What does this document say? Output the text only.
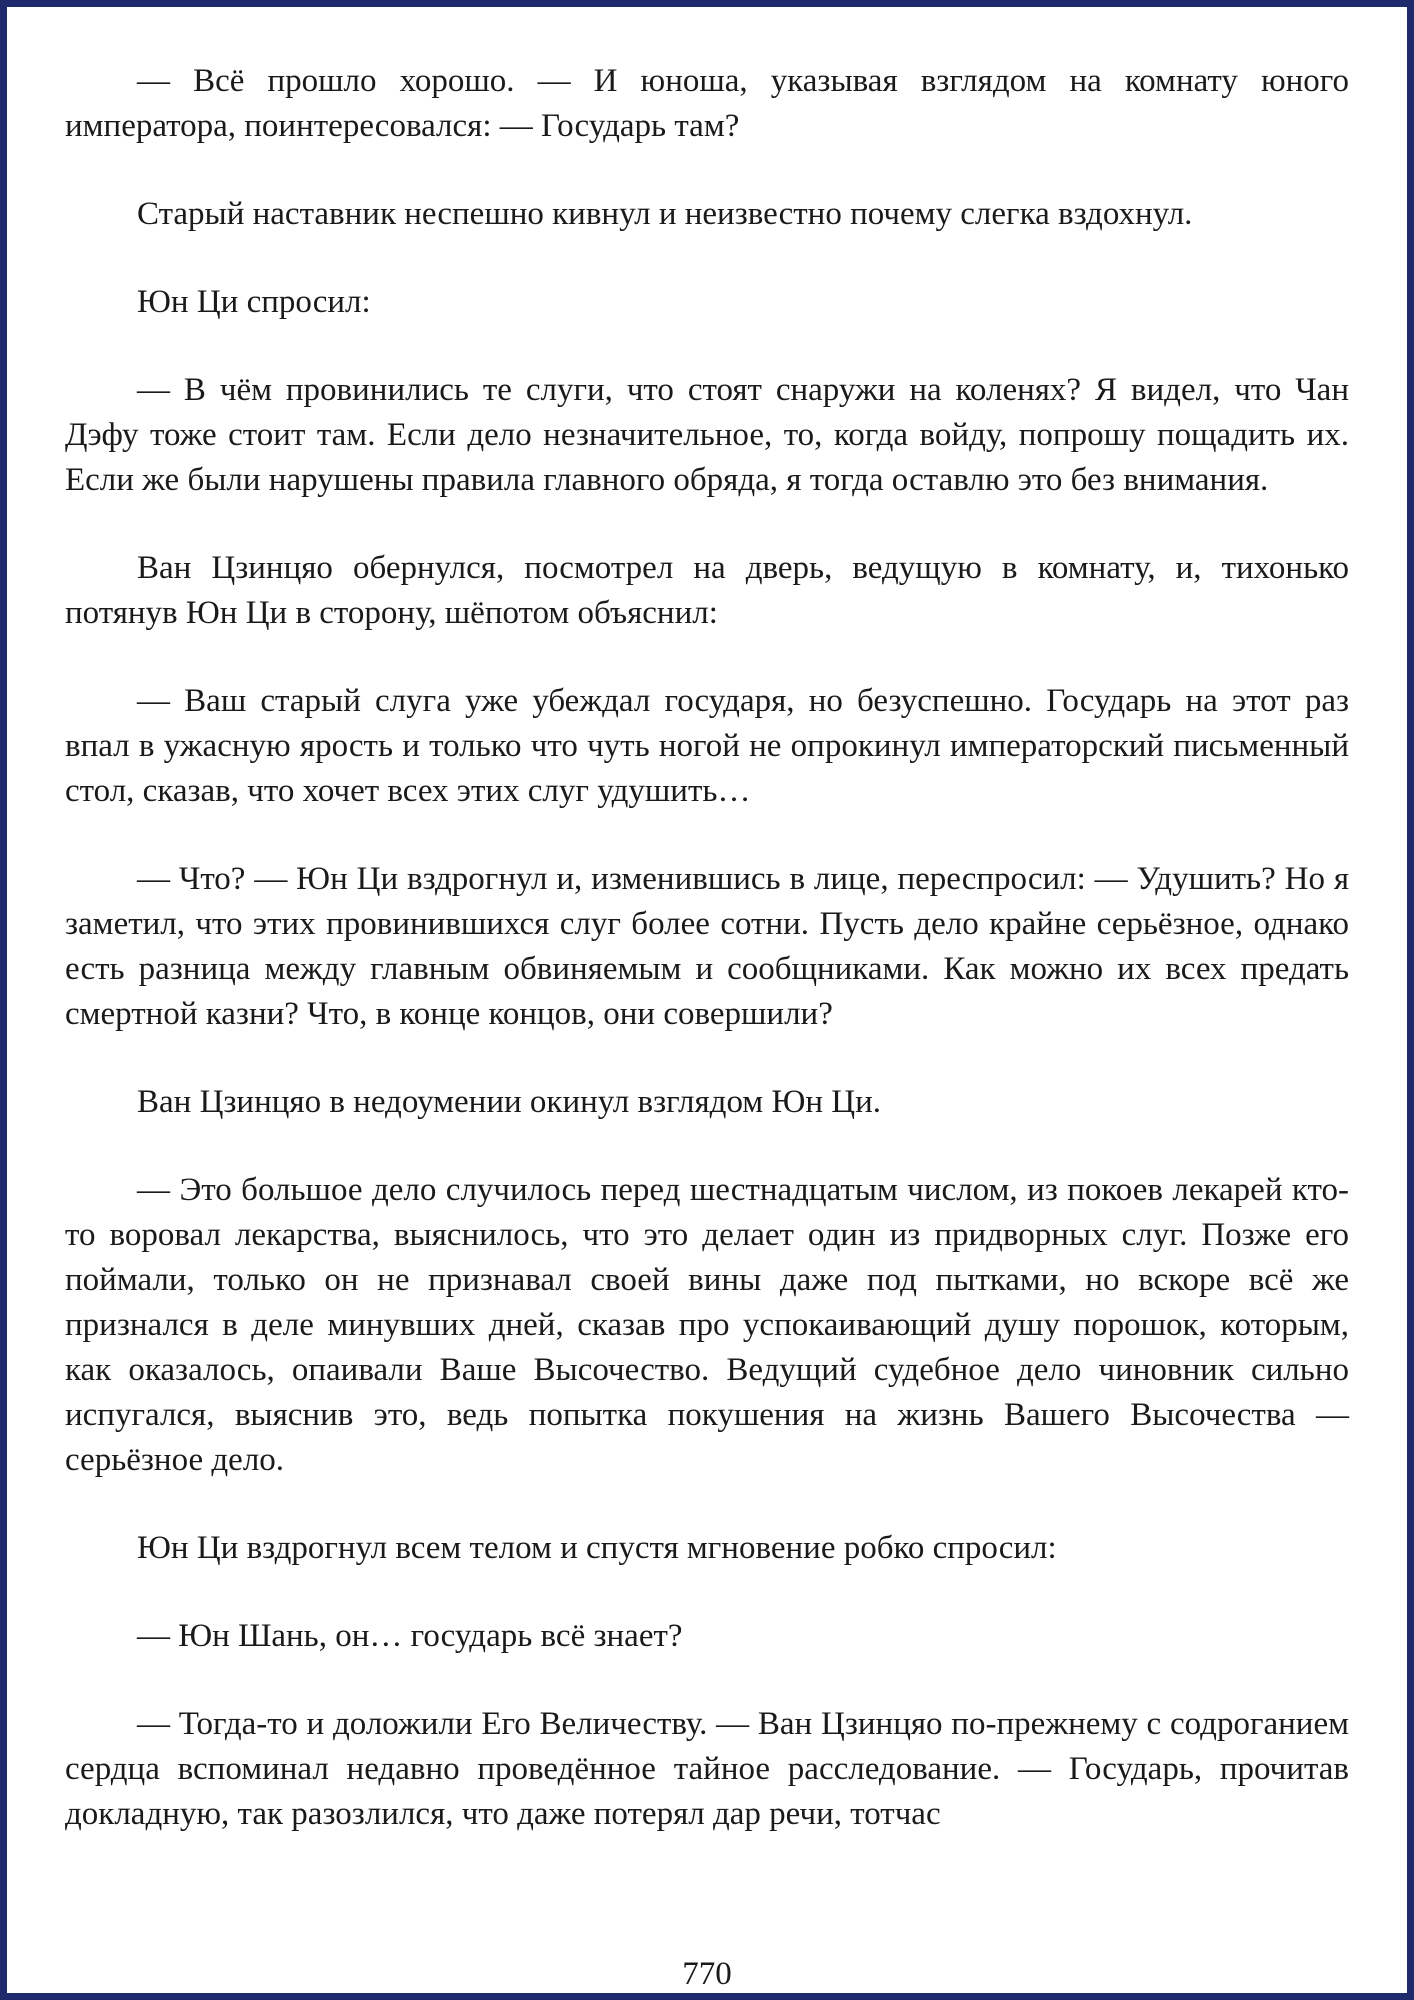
— Всё прошло хорошо. — И юноша, указывая взглядом на комнату юного императора, поинтересовался: — Государь там?

Старый наставник неспешно кивнул и неизвестно почему слегка вздохнул.

Юн Ци спросил:

— В чём провинились те слуги, что стоят снаружи на коленях? Я видел, что Чан Дэфу тоже стоит там. Если дело незначительное, то, когда войду, попрошу пощадить их. Если же были нарушены правила главного обряда, я тогда оставлю это без внимания.

Ван Цзинцяо обернулся, посмотрел на дверь, ведущую в комнату, и, тихонько потянув Юн Ци в сторону, шёпотом объяснил:

— Ваш старый слуга уже убеждал государя, но безуспешно. Государь на этот раз впал в ужасную ярость и только что чуть ногой не опрокинул императорский письменный стол, сказав, что хочет всех этих слуг удушить…

— Что? — Юн Ци вздрогнул и, изменившись в лице, переспросил: — Удушить? Но я заметил, что этих провинившихся слуг более сотни. Пусть дело крайне серьёзное, однако есть разница между главным обвиняемым и сообщниками. Как можно их всех предать смертной казни? Что, в конце концов, они совершили?

Ван Цзинцяо в недоумении окинул взглядом Юн Ци.

— Это большое дело случилось перед шестнадцатым числом, из покоев лекарей кто-то воровал лекарства, выяснилось, что это делает один из придворных слуг. Позже его поймали, только он не признавал своей вины даже под пытками, но вскоре всё же признался в деле минувших дней, сказав про успокаивающий душу порошок, которым, как оказалось, опаивали Ваше Высочество. Ведущий судебное дело чиновник сильно испугался, выяснив это, ведь попытка покушения на жизнь Вашего Высочества — серьёзное дело.

Юн Ци вздрогнул всем телом и спустя мгновение робко спросил:

— Юн Шань, он… государь всё знает?

— Тогда-то и доложили Его Величеству. — Ван Цзинцяо по-прежнему с содроганием сердца вспоминал недавно проведённое тайное расследование. — Государь, прочитав докладную, так разозлился, что даже потерял дар речи, тотчас

770
